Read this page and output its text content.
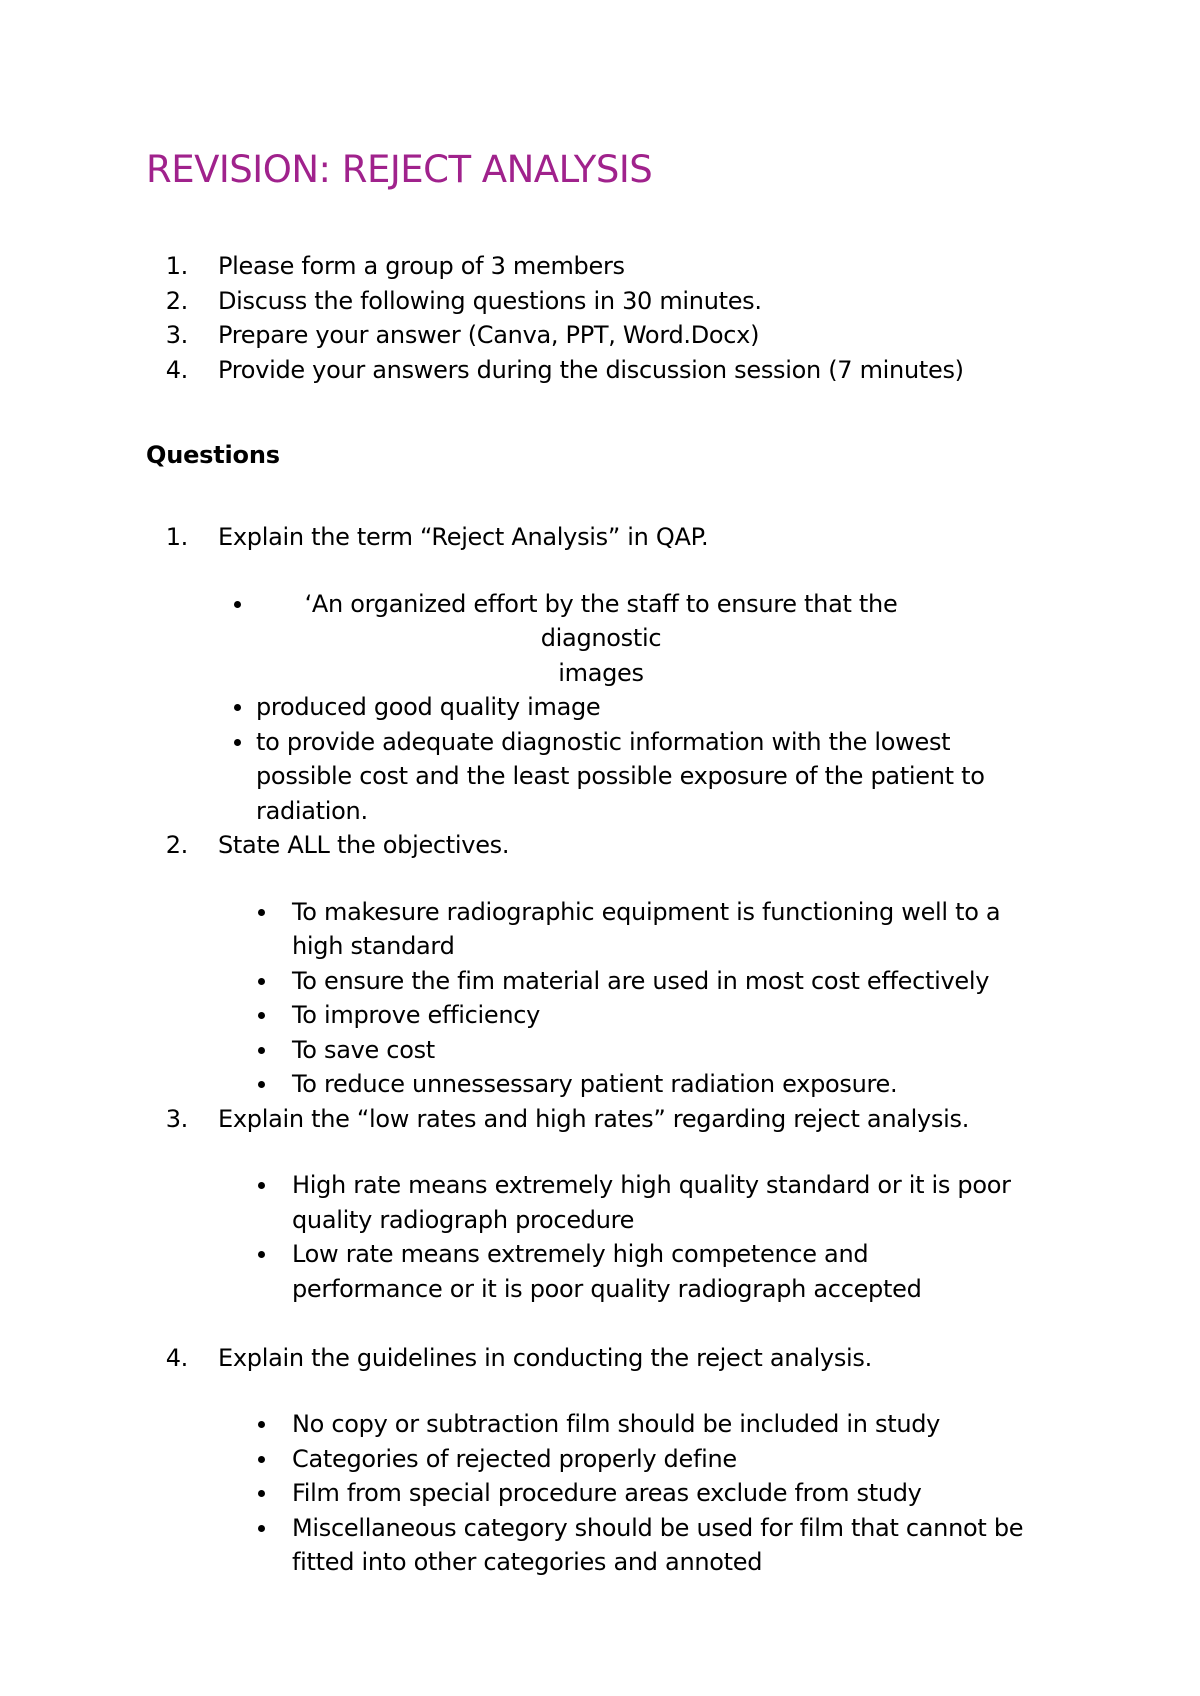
REVISION: REJECT ANALYSIS
1. Please form a group of 3 members
2. Discuss the following questions in 30 minutes.
3. Prepare your answer (Canva, PPT, Word.Docx)
4. Provide your answers during the discussion session (7 minutes)
Questions
1. Explain the term “Reject Analysis” in QAP.
‘An organized effort by the staff to ensure that the diagnostic
images
produced good quality image
to provide adequate diagnostic information with the lowest possible cost and the least possible exposure of the patient to radiation.
2. State ALL the objectives.
To makesure radiographic equipment is functioning well to a high standard
To ensure the fim material are used in most cost effectively
To improve efficiency
To save cost
To reduce unnessessary patient radiation exposure.
3. Explain the “low rates and high rates” regarding reject analysis.
High rate means extremely high quality standard or it is poor quality radiograph procedure
Low rate means extremely high competence and performance or it is poor quality radiograph accepted
4. Explain the guidelines in conducting the reject analysis.
No copy or subtraction film should be included in study
Categories of rejected properly define
Film from special procedure areas exclude from study
Miscellaneous category should be used for film that cannot be fitted into other categories and annoted
